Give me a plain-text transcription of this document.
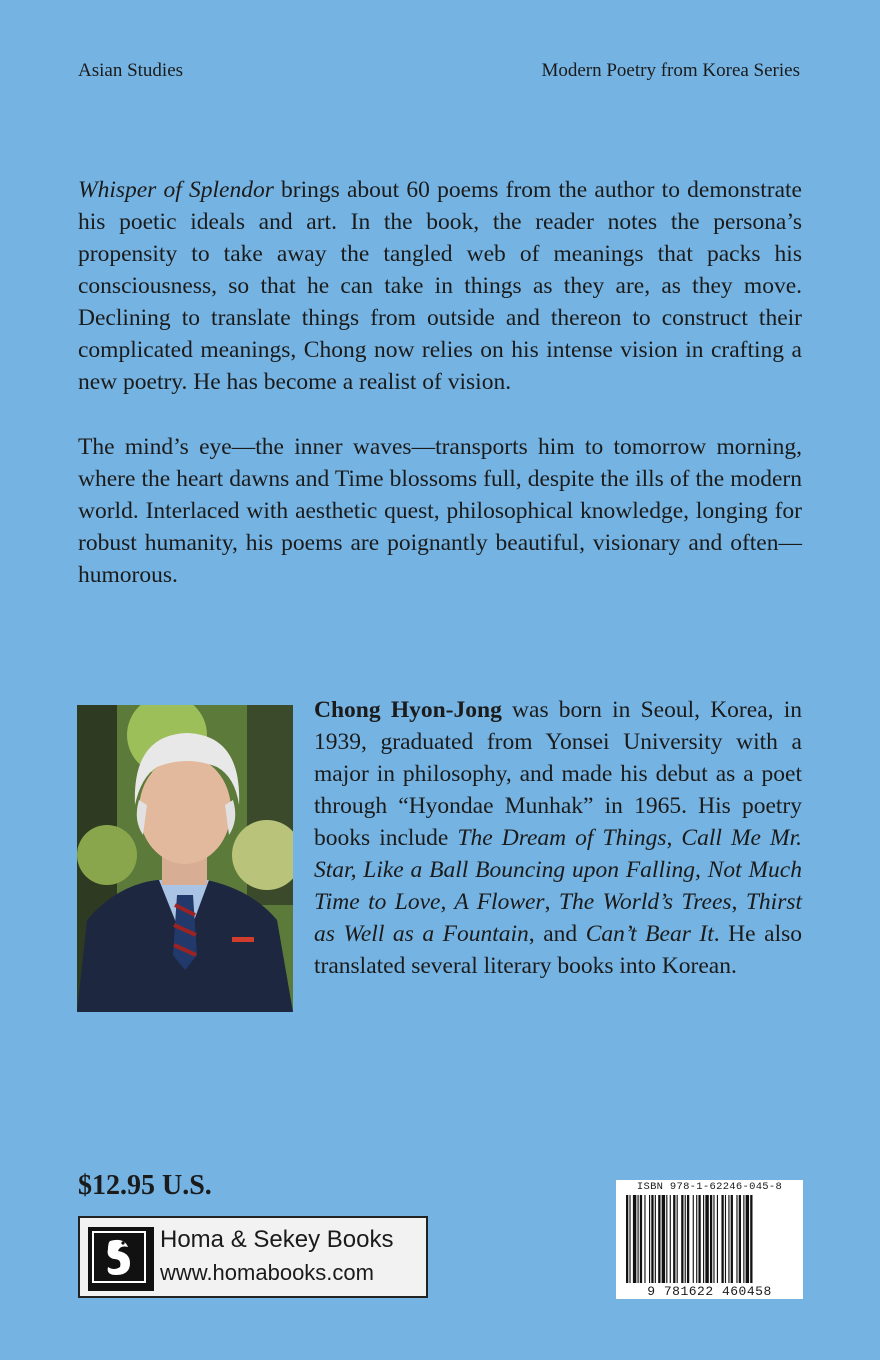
Asian Studies	Modern Poetry from Korea Series

Whisper of Splendor brings about 60 poems from the author to demonstrate his poetic ideals and art. In the book, the reader notes the persona’s propensity to take away the tangled web of meanings that packs his consciousness, so that he can take in things as they are, as they move. Declining to translate things from outside and thereon to construct their complicated meanings, Chong now relies on his intense vision in crafting a new poetry. He has become a realist of vision.

The mind’s eye—the inner waves—transports him to tomorrow morning, where the heart dawns and Time blossoms full, despite the ills of the modern world. Interlaced with aesthetic quest, philosophical knowledge, longing for robust humanity, his poems are poignantly beautiful, visionary and often—humorous.

Chong Hyon-Jong was born in Seoul, Korea, in 1939, graduated from Yonsei University with a major in philosophy, and made his debut as a poet through “Hyondae Munhak” in 1965. His poetry books include The Dream of Things, Call Me Mr. Star, Like a Ball Bouncing upon Falling, Not Much Time to Love, A Flower, The World’s Trees, Thirst as Well as a Fountain, and Can’t Bear It. He also translated several literary books into Korean.

$12.95 U.S.
Homa & Sekey Books
www.homabooks.com
ISBN 978-1-62246-045-8
9 781622 460458
